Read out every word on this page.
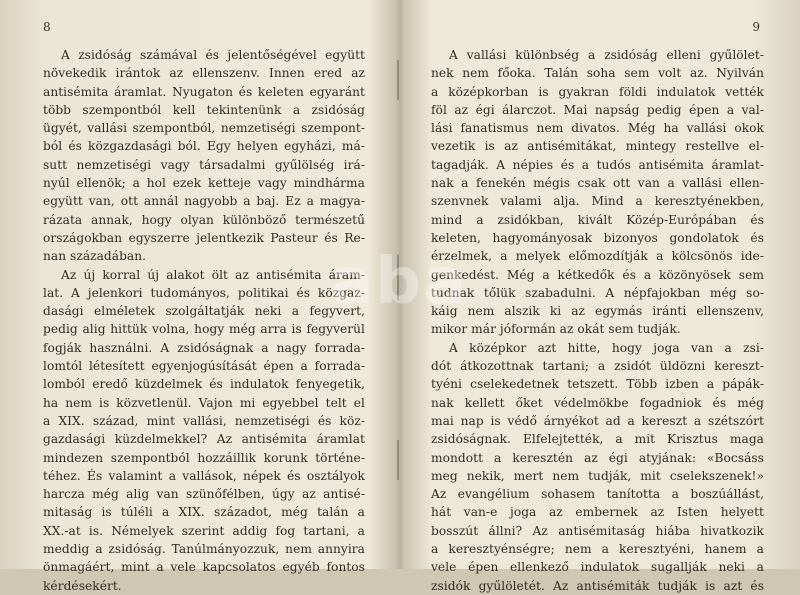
8
A zsidóság számával és jelentőségével együtt
növekedik irántok az ellenszenv. Innen ered az
antisémita áramlat. Nyugaton és keleten egyaránt
több szempontból kell tekintenünk a zsidóság
ügyét, vallási szempontból, nemzetiségi szempont-
ból és közgazdasági ból. Egy helyen egyházi, má-
sutt nemzetiségi vagy társadalmi gyűlölség irá-
nyúl ellenök; a hol ezek ketteje vagy mindhárma
együtt van, ott annál nagyobb a baj. Ez a magya-
rázata annak, hogy olyan különböző természetű
országokban egyszerre jelentkezik Pasteur és Re-
nan századában.
Az új korral új alakot ölt az antisémita áram-
lat. A jelenkori tudományos, politikai és közgaz-
dasági elméletek szolgáltatják neki a fegyvert,
pedig alig hittük volna, hogy még arra is fegyverül
fogják használni. A zsidóságnak a nagy forrada-
lomtól létesített egyenjogúsítását épen a forrada-
lomból eredő küzdelmek és indulatok fenyegetik,
ha nem is közvetlenül. Vajon mi egyebbel telt el
a XIX. század, mint vallási, nemzetiségi és köz-
gazdasági küzdelmekkel? Az antisémita áramlat
mindezen szempontból hozzáillik korunk történe-
téhez. És valamint a vallások, népek és osztályok
harcza még alig van szünőfélben, úgy az antisé-
mitaság is túléli a XIX. századot, még talán a
XX.-at is. Némelyek szerint addig fog tartani, a
meddig a zsidóság. Tanúlmányozzuk, nem annyira
önmagáért, mint a vele kapcsolatos egyéb fontos
kérdésekért.
9
A vallási különbség a zsidóság elleni gyűlölet-
nek nem főoka. Talán soha sem volt az. Nyilván
a középkorban is gyakran földi indulatok vették
föl az égi álarczot. Mai napság pedig épen a val-
lási fanatismus nem divatos. Még ha vallási okok
vezetik is az antisémitákat, mintegy restellve el-
tagadják. A népies és a tudós antisémita áramlat-
nak a fenekén mégis csak ott van a vallási ellen-
szenvnek valami alja. Mind a keresztyénekben,
mind a zsidókban, kivált Közép-Európában és
keleten, hagyományosak bizonyos gondolatok és
érzelmek, a melyek előmozdítják a kölcsönös ide-
genkedést. Még a kétkedők és a közönyösek sem
tudnak tőlük szabadulni. A népfajokban még so-
káig nem alszik ki az egymás iránti ellenszenv,
mikor már jóformán az okát sem tudják.
A középkor azt hitte, hogy joga van a zsi-
dót átkozottnak tartani; a zsidót üldözni kereszt-
tyéni cselekedetnek tetszett. Több izben a pápák-
nak kellett őket védelmökbe fogadniok és még
mai nap is védő árnyékot ad a kereszt a szétszórt
zsidóságnak. Elfelejtették, a mit Krisztus maga
mondott a keresztén az égi atyjának: «Bocsáss
meg nekik, mert nem tudják, mit cselekszenek!»
Az evangélium sohasem tanította a boszúállást,
hát van-e joga az embernek az Isten helyett
bosszút állni? Az antisémitaság hiába hivatkozik
a keresztyénségre; nem a keresztyéni, hanem a
vele épen ellenkező indulatok sugallják neki a
zsidók gyűlöletét. Az antisémiták tudják is azt és
aba
